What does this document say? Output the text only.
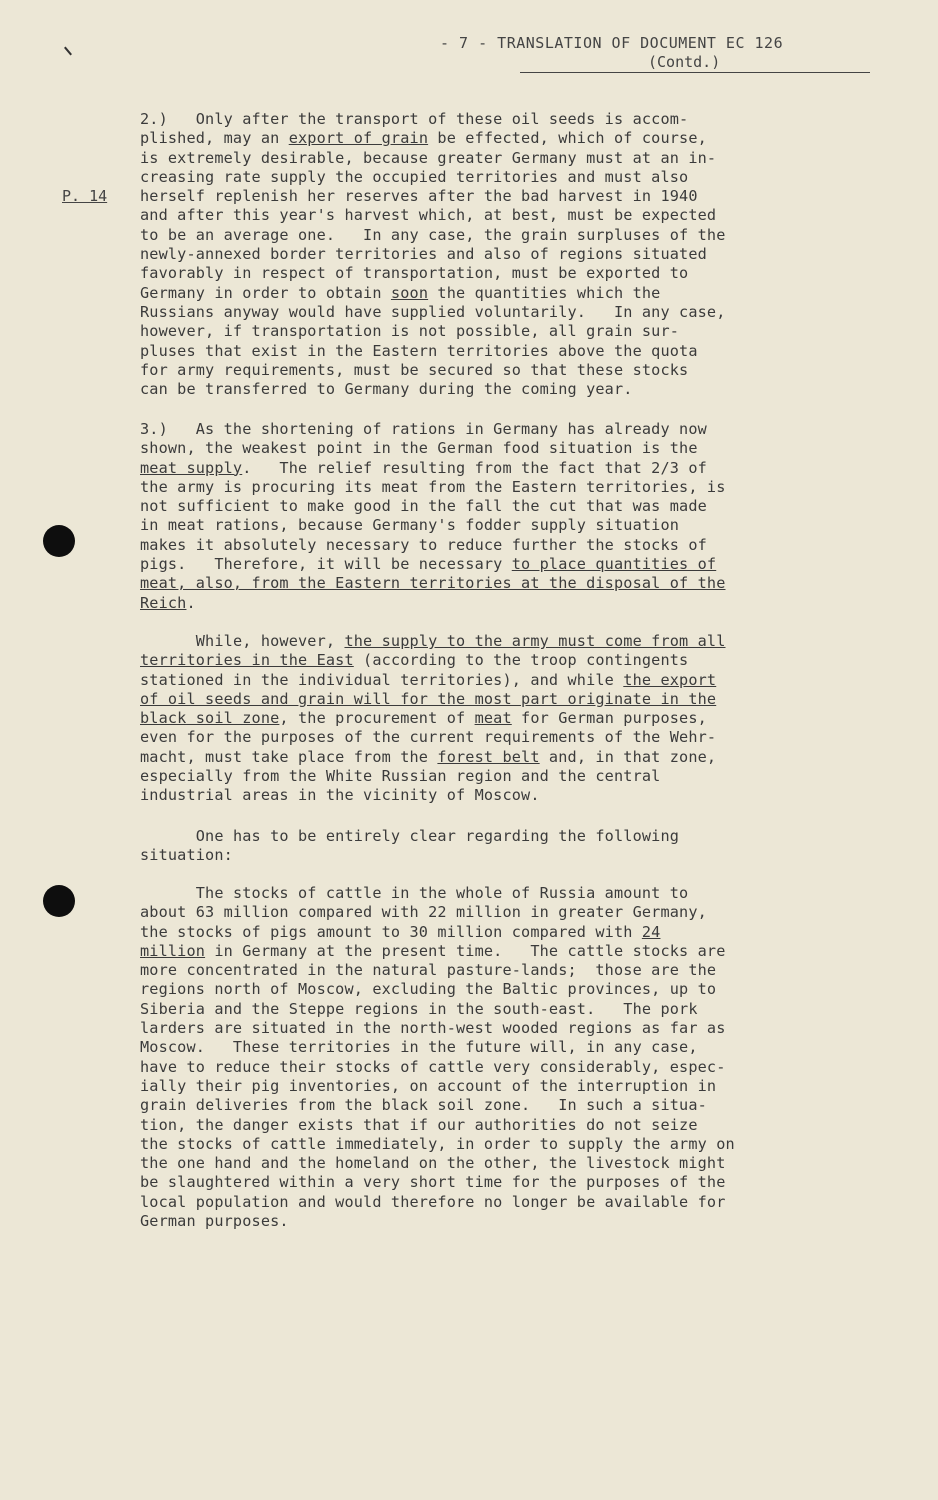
- 7 - TRANSLATION OF DOCUMENT EC 126
(Contd.)
P. 14

2.)   Only after the transport of these oil seeds is accom-
plished, may an export of grain be effected, which of course,
is extremely desirable, because greater Germany must at an in-
creasing rate supply the occupied territories and must also
herself replenish her reserves after the bad harvest in 1940
and after this year's harvest which, at best, must be expected
to be an average one.   In any case, the grain surpluses of the
newly-annexed border territories and also of regions situated
favorably in respect of transportation, must be exported to
Germany in order to obtain soon the quantities which the
Russians anyway would have supplied voluntarily.   In any case,
however, if transportation is not possible, all grain sur-
pluses that exist in the Eastern territories above the quota
for army requirements, must be secured so that these stocks
can be transferred to Germany during the coming year.

3.)   As the shortening of rations in Germany has already now
shown, the weakest point in the German food situation is the
meat supply.   The relief resulting from the fact that 2/3 of
the army is procuring its meat from the Eastern territories, is
not sufficient to make good in the fall the cut that was made
in meat rations, because Germany's fodder supply situation
makes it absolutely necessary to reduce further the stocks of
pigs.   Therefore, it will be necessary to place quantities of
meat, also, from the Eastern territories at the disposal of the
Reich.

While, however, the supply to the army must come from all
territories in the East (according to the troop contingents
stationed in the individual territories), and while the export
of oil seeds and grain will for the most part originate in the
black soil zone, the procurement of meat for German purposes,
even for the purposes of the current requirements of the Wehr-
macht, must take place from the forest belt and, in that zone,
especially from the White Russian region and the central
industrial areas in the vicinity of Moscow.

One has to be entirely clear regarding the following
situation:

The stocks of cattle in the whole of Russia amount to
about 63 million compared with 22 million in greater Germany,
the stocks of pigs amount to 30 million compared with 24
million in Germany at the present time.   The cattle stocks are
more concentrated in the natural pasture-lands;  those are the
regions north of Moscow, excluding the Baltic provinces, up to
Siberia and the Steppe regions in the south-east.   The pork
larders are situated in the north-west wooded regions as far as
Moscow.   These territories in the future will, in any case,
have to reduce their stocks of cattle very considerably, espec-
ially their pig inventories, on account of the interruption in
grain deliveries from the black soil zone.   In such a situa-
tion, the danger exists that if our authorities do not seize
the stocks of cattle immediately, in order to supply the army on
the one hand and the homeland on the other, the livestock might
be slaughtered within a very short time for the purposes of the
local population and would therefore no longer be available for
German purposes.
